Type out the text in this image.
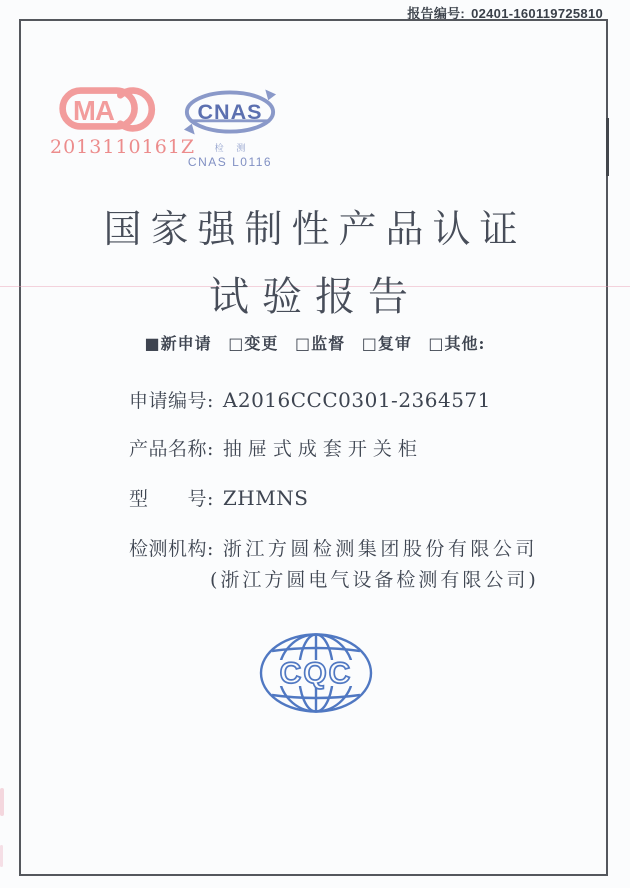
报告编号: 02401-160119725810
MA
2013110161Z
CNAS
检 测
CNAS L0116
国家强制性产品认证
试验报告
■新申请 □变更 □监督 □复审 □其他:
申请编号: A2016CCC0301-2364571
产品名称: 抽屉式成套开关柜
型　　号: ZHMNS
检测机构: 浙江方圆检测集团股份有限公司
(浙江方圆电气设备检测有限公司)
CQC
